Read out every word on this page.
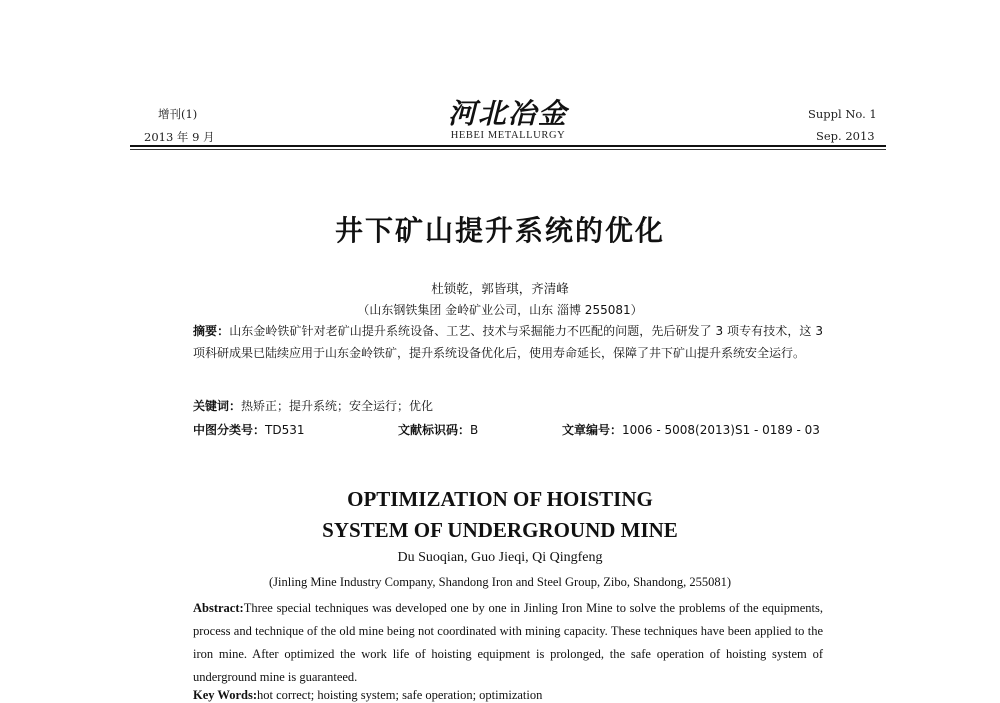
增刊(1)
2013 年 9 月
河北冶金
HEBEI METALLURGY
Suppl No. 1
Sep. 2013
井下矿山提升系统的优化
杜锁乾，郭皆琪，齐清峰
（山东钢铁集团 金岭矿业公司，山东 淄博 255081）
摘要：山东金岭铁矿针对老矿山提升系统设备、工艺、技术与采掘能力不匹配的问题，先后研发了 3 项专有技术，这 3 项科研成果已陆续应用于山东金岭铁矿，提升系统设备优化后，使用寿命延长，保障了井下矿山提升系统安全运行。
关键词：热矫正；提升系统；安全运行；优化
中图分类号：TD531	文献标识码：B	文章编号：1006 - 5008(2013)S1 - 0189 - 03
OPTIMIZATION OF HOISTING
SYSTEM OF UNDERGROUND MINE
Du Suoqian, Guo Jieqi, Qi Qingfeng
(Jinling Mine Industry Company, Shandong Iron and Steel Group, Zibo, Shandong, 255081)
Abstract:Three special techniques was developed one by one in Jinling Iron Mine to solve the problems of the equipments, process and technique of the old mine being not coordinated with mining capacity. These techniques have been applied to the iron mine. After optimized the work life of hoisting equipment is prolonged, the safe operation of hoisting system of underground mine is guaranteed.
Key Words:hot correct; hoisting system; safe operation; optimization
